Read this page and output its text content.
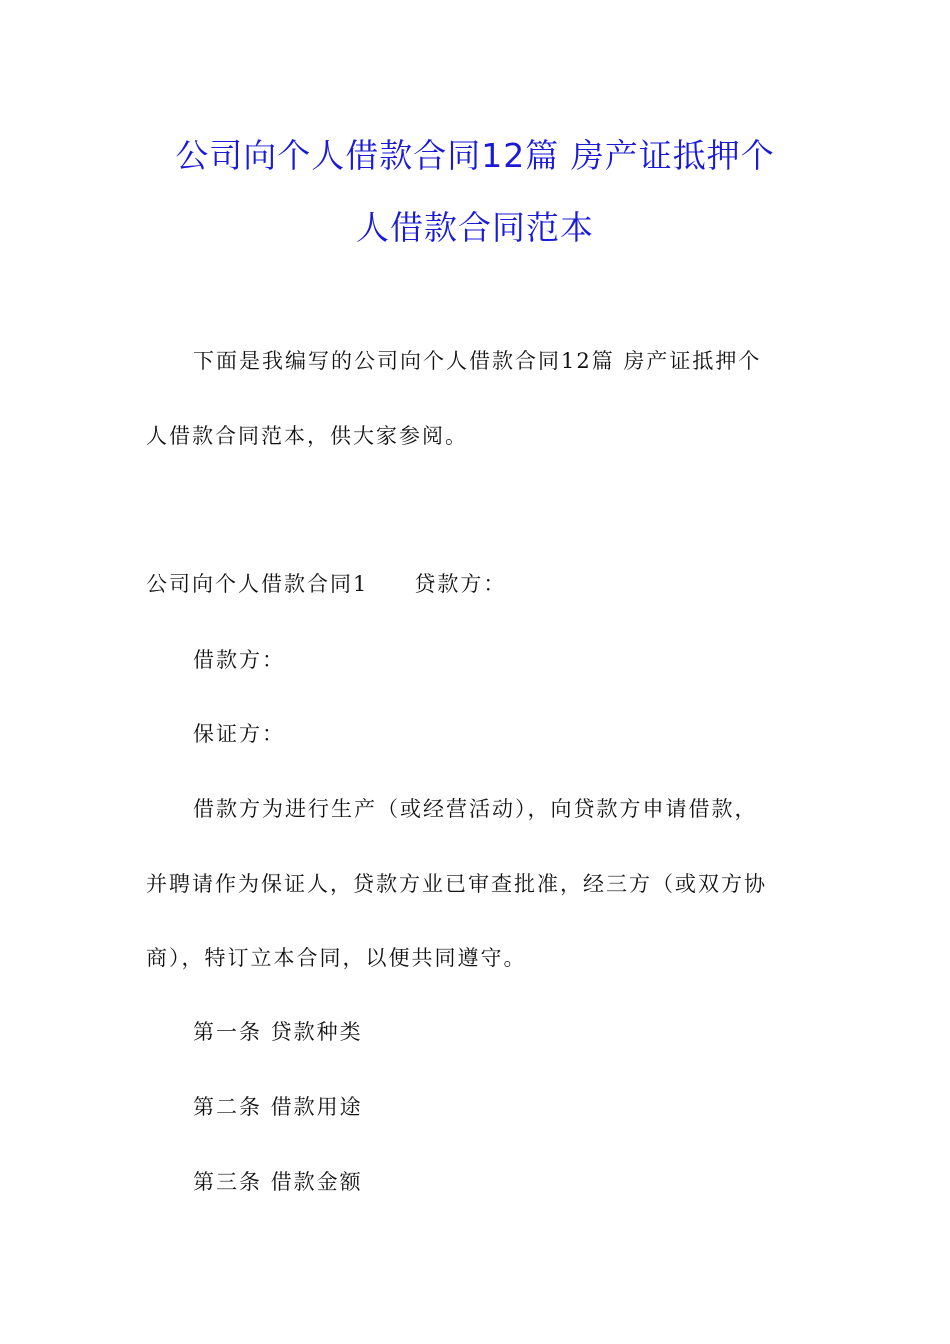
公司向个人借款合同12篇 房产证抵押个
人借款合同范本
下面是我编写的公司向个人借款合同12篇 房产证抵押个
人借款合同范本，供大家参阅。
公司向个人借款合同1　　贷款方：
借款方：
保证方：
借款方为进行生产（或经营活动），向贷款方申请借款，
并聘请作为保证人，贷款方业已审查批准，经三方（或双方协
商），特订立本合同，以便共同遵守。
第一条 贷款种类
第二条 借款用途
第三条 借款金额
